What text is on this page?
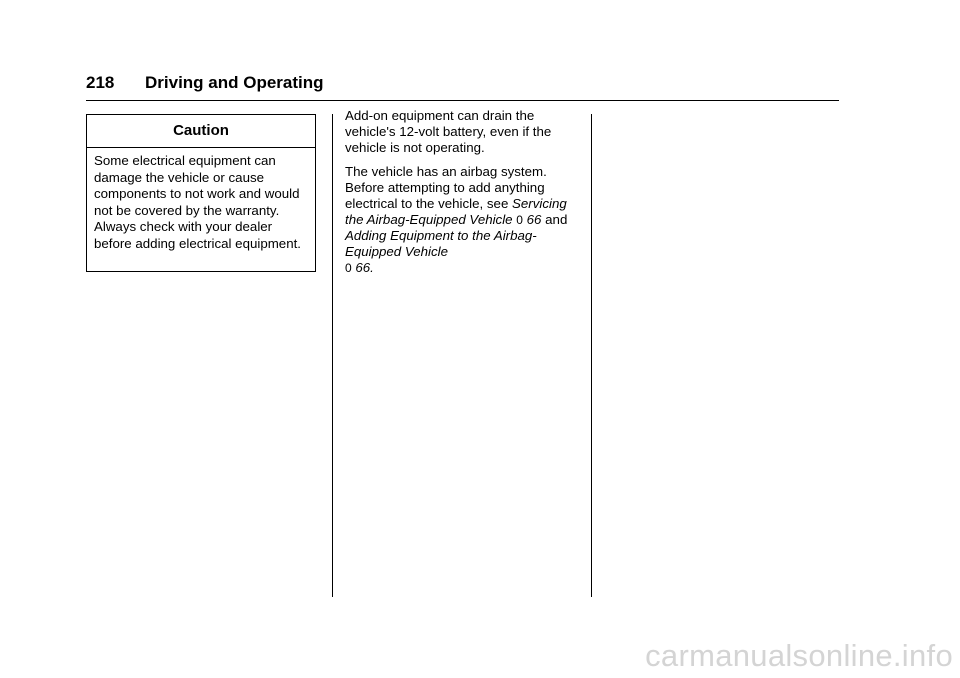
218 Driving and Operating
Caution
Some electrical equipment can damage the vehicle or cause components to not work and would not be covered by the warranty. Always check with your dealer before adding electrical equipment.

Add-on equipment can drain the vehicle's 12-volt battery, even if the vehicle is not operating.

The vehicle has an airbag system. Before attempting to add anything electrical to the vehicle, see Servicing the Airbag-Equipped Vehicle 0 66 and Adding Equipment to the Airbag-Equipped Vehicle
0 66.

carmanualsonline.info
